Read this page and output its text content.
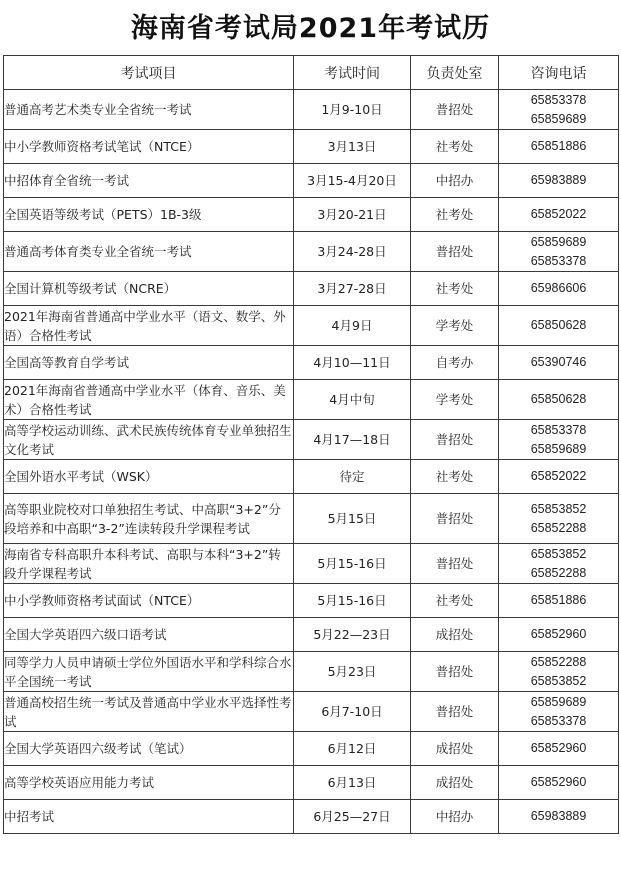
海南省考试局2021年考试历
考试项目	考试时间	负责处室	咨询电话
普通高考艺术类专业全省统一考试	1月9-10日	普招处	65853378
65859689

中小学教师资格考试笔试（NTCE）	3月13日	社考处	65851886

中招体育全省统一考试	3月15-4月20日	中招办	65983889

全国英语等级考试（PETS）1B-3级	3月20-21日	社考处	65852022

普通高考体育类专业全省统一考试	3月24-28日	普招处	65859689
65853378

全国计算机等级考试（NCRE）	3月27-28日	社考处	65986606

2021年海南省普通高中学业水平（语文、数学、外语）合格性考试	4月9日	学考处	65850628

全国高等教育自学考试	4月10—11日	自考办	65390746

2021年海南省普通高中学业水平（体育、音乐、美术）合格性考试	4月中旬	学考处	65850628

高等学校运动训练、武术民族传统体育专业单独招生文化考试	4月17—18日	普招处	65853378
65859689

全国外语水平考试（WSK）	待定	社考处	65852022

高等职业院校对口单独招生考试、中高职“3+2”分段培养和中高职“3-2”连读转段升学课程考试	5月15日	普招处	65853852
65852288

海南省专科高职升本科考试、高职与本科“3+2”转段升学课程考试	5月15-16日	普招处	65853852
65852288

中小学教师资格考试面试（NTCE）	5月15-16日	社考处	65851886

全国大学英语四六级口语考试	5月22—23日	成招处	65852960

同等学力人员申请硕士学位外国语水平和学科综合水平全国统一考试	5月23日	普招处	65852288
65853852

普通高校招生统一考试及普通高中学业水平选择性考试	6月7-10日	普招处	65859689
65853378

全国大学英语四六级考试（笔试）	6月12日	成招处	65852960

高等学校英语应用能力考试	6月13日	成招处	65852960

中招考试	6月25—27日	中招办	65983889
